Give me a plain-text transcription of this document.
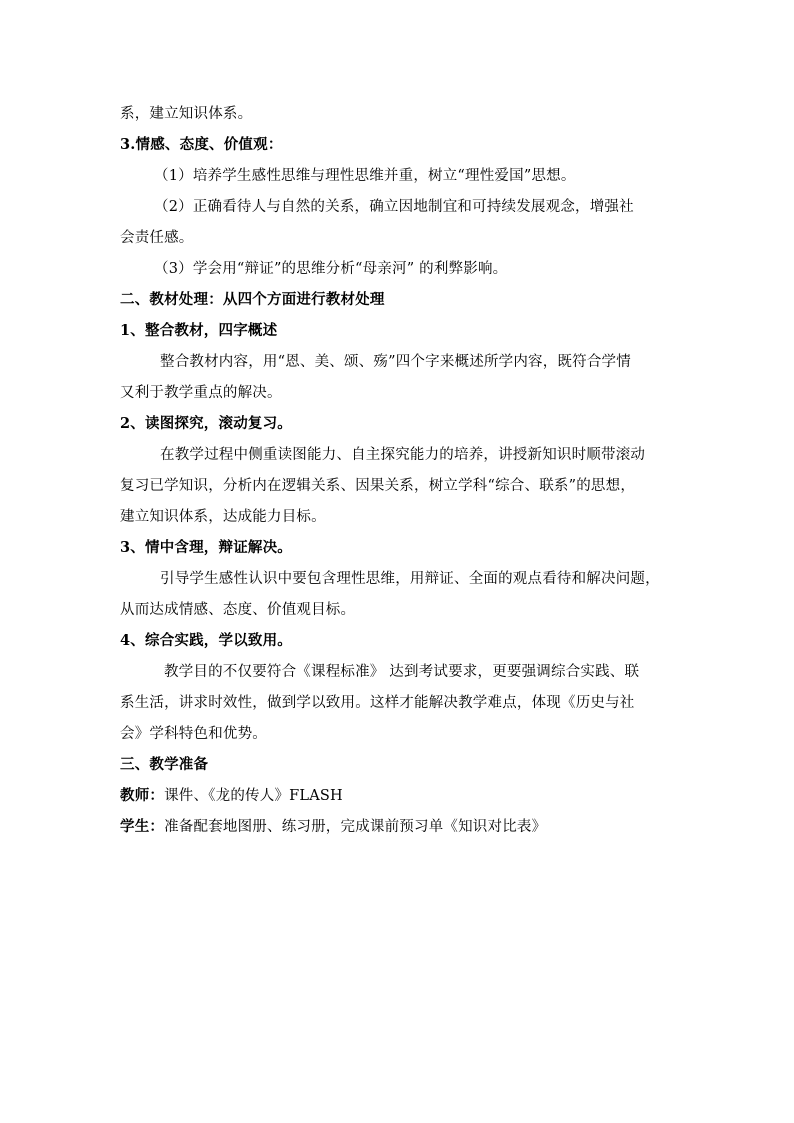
系，建立知识体系。
3.情感、态度、价值观：
（1）培养学生感性思维与理性思维并重，树立“理性爱国”思想。
（2）正确看待人与自然的关系，确立因地制宜和可持续发展观念，增强社
会责任感。
（3）学会用“辩证”的思维分析“母亲河” 的利弊影响。
二、教材处理：从四个方面进行教材处理
1、整合教材，四字概述
整合教材内容，用“恩、美、颂、殇”四个字来概述所学内容，既符合学情
又利于教学重点的解决。
2、读图探究，滚动复习。
在教学过程中侧重读图能力、自主探究能力的培养，讲授新知识时顺带滚动
复习已学知识，分析内在逻辑关系、因果关系，树立学科“综合、联系”的思想，
建立知识体系，达成能力目标。
3、情中含理，辩证解决。
引导学生感性认识中要包含理性思维，用辩证、全面的观点看待和解决问题，
从而达成情感、态度、价值观目标。
4、综合实践，学以致用。
教学目的不仅要符合《课程标准》 达到考试要求，更要强调综合实践、联
系生活，讲求时效性，做到学以致用。这样才能解决教学难点，体现《历史与社
会》学科特色和优势。
三、教学准备
教师：课件、《龙的传人》FLASH
学生：准备配套地图册、练习册，完成课前预习单《知识对比表》
